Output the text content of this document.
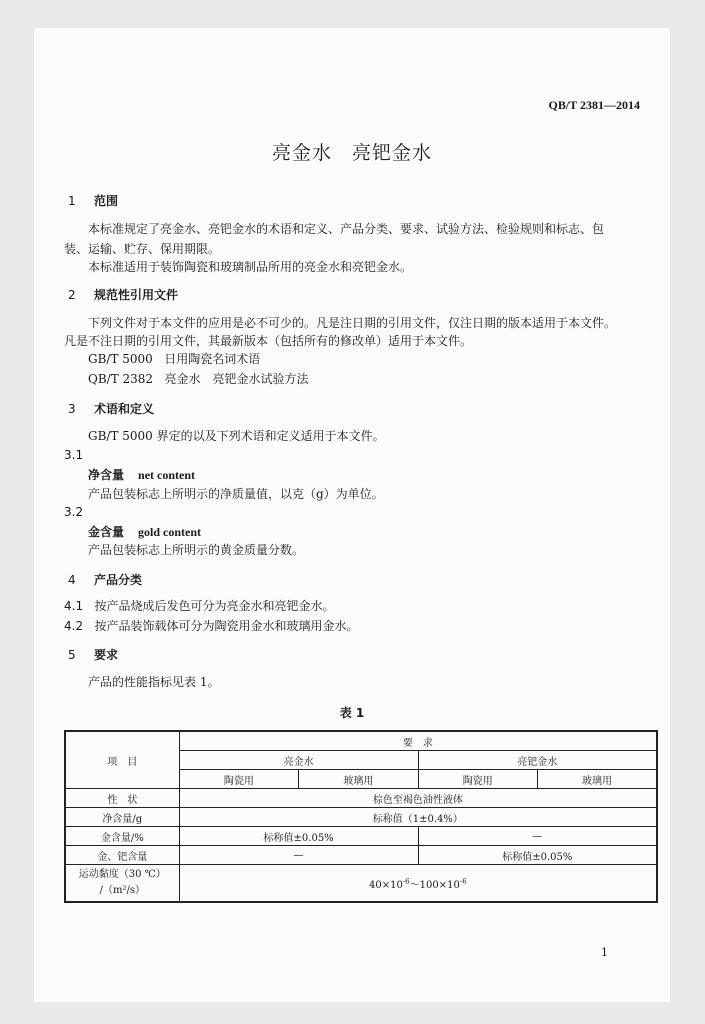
QB/T 2381—2014
亮金水　亮钯金水
1 范围
本标准规定了亮金水、亮钯金水的术语和定义、产品分类、要求、试验方法、检验规则和标志、包装、运输、贮存、保用期限。
本标准适用于装饰陶瓷和玻璃制品所用的亮金水和亮钯金水。
2 规范性引用文件
下列文件对于本文件的应用是必不可少的。凡是注日期的引用文件，仅注日期的版本适用于本文件。
凡是不注日期的引用文件，其最新版本（包括所有的修改单）适用于本文件。
GB/T 5000 日用陶瓷名词术语
QB/T 2382 亮金水　亮钯金水试验方法
3 术语和定义
GB/T 5000 界定的以及下列术语和定义适用于本文件。
3.1
净含量 net content
产品包装标志上所明示的净质量值，以克（g）为单位。
3.2
金含量 gold content
产品包装标志上所明示的黄金质量分数。
4 产品分类
4.1 按产品烧成后发色可分为亮金水和亮钯金水。
4.2 按产品装饰载体可分为陶瓷用金水和玻璃用金水。
5 要求
产品的性能指标见表 1。
表 1
项　目	要　求			
	亮金水		亮钯金水	
	陶瓷用	玻璃用	陶瓷用	玻璃用
性　状	棕色至褐色油性液体			
净含量/g	标称值（1±0.4%）			
金含量/%	标称值±0.05%		—	
金、钯含量	—		标称值±0.05%	

运动黏度（30 ℃）
/（m²/s）	$40\times 10^{-6}\sim 100\times 10^{-6}$
1
